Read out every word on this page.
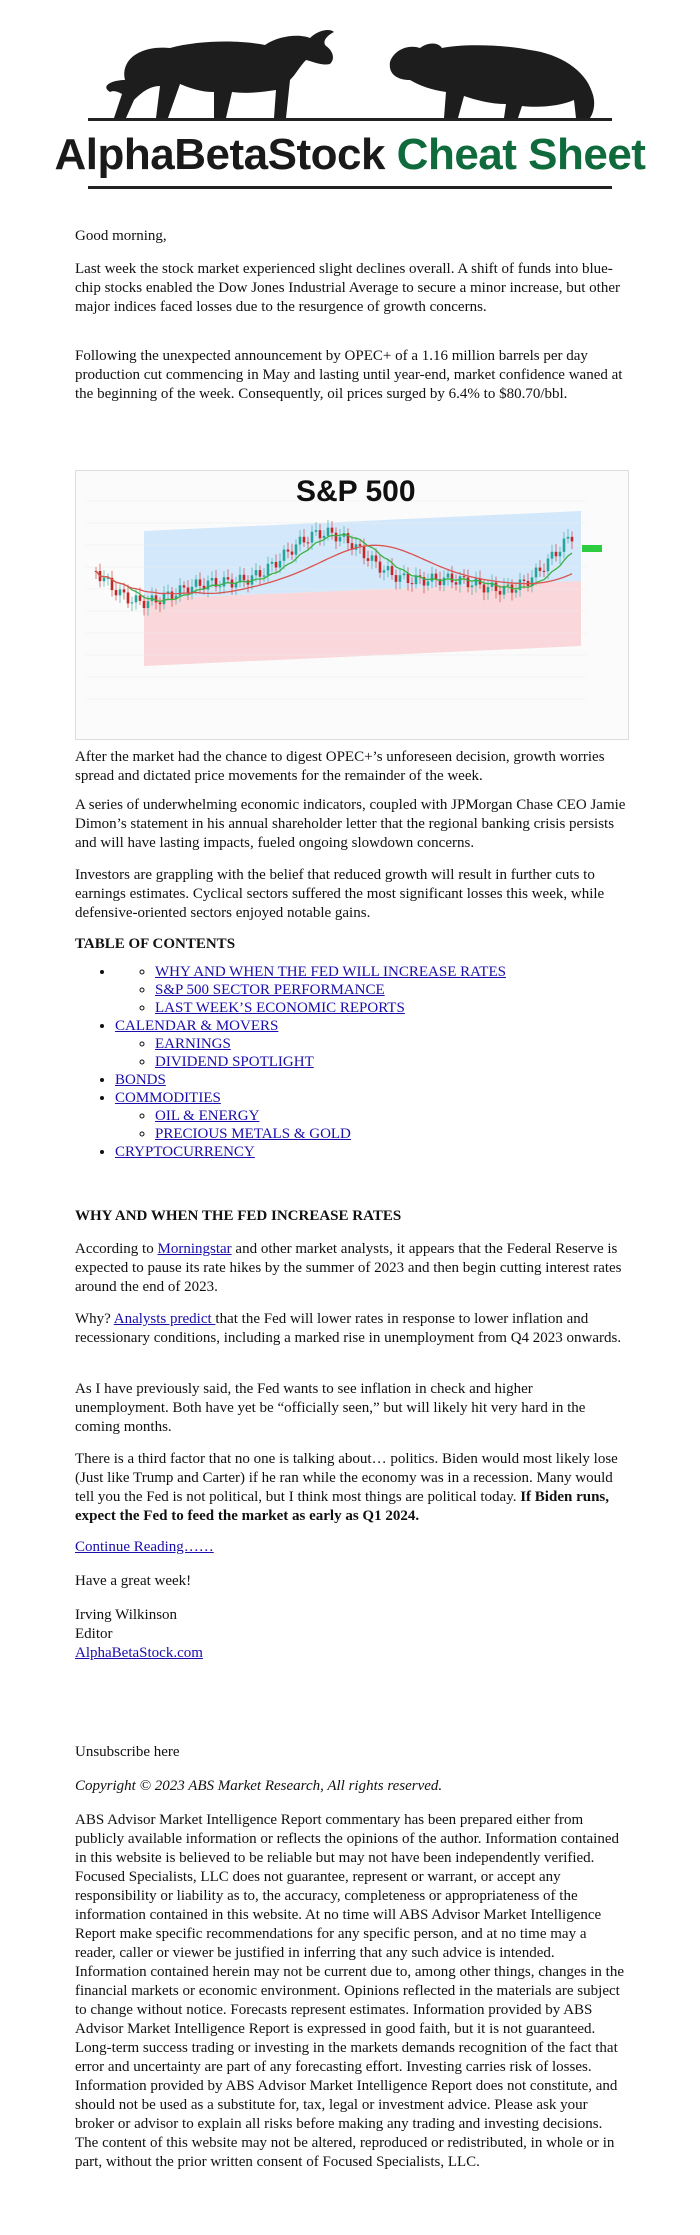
AlphaBetaStock Cheat Sheet

Good morning,

Last week the stock market experienced slight declines overall. A shift of funds into blue-chip stocks enabled the Dow Jones Industrial Average to secure a minor increase, but other major indices faced losses due to the resurgence of growth concerns.

Following the unexpected announcement by OPEC+ of a 1.16 million barrels per day production cut commencing in May and lasting until year-end, market confidence waned at the beginning of the week. Consequently, oil prices surged by 6.4% to $80.70/bbl.

S&P 500

After the market had the chance to digest OPEC+’s unforeseen decision, growth worries spread and dictated price movements for the remainder of the week.

A series of underwhelming economic indicators, coupled with JPMorgan Chase CEO Jamie Dimon’s statement in his annual shareholder letter that the regional banking crisis persists and will have lasting impacts, fueled ongoing slowdown concerns.

Investors are grappling with the belief that reduced growth will result in further cuts to earnings estimates. Cyclical sectors suffered the most significant losses this week, while defensive-oriented sectors enjoyed notable gains.

TABLE OF CONTENTS
◦ • WHY AND WHEN THE FED WILL INCREASE RATES
◦ S&P 500 SECTOR PERFORMANCE
◦ LAST WEEK’S ECONOMIC REPORTS
• CALENDAR & MOVERS
◦ EARNINGS
◦ DIVIDEND SPOTLIGHT
• BONDS
• COMMODITIES
◦ OIL & ENERGY
◦ PRECIOUS METALS & GOLD
• CRYPTOCURRENCY

WHY AND WHEN THE FED INCREASE RATES

According to Morningstar and other market analysts, it appears that the Federal Reserve is expected to pause its rate hikes by the summer of 2023 and then begin cutting interest rates around the end of 2023.

Why? Analysts predict that the Fed will lower rates in response to lower inflation and recessionary conditions, including a marked rise in unemployment from Q4 2023 onwards.

As I have previously said, the Fed wants to see inflation in check and higher unemployment. Both have yet be “officially seen,” but will likely hit very hard in the coming months.

There is a third factor that no one is talking about… politics. Biden would most likely lose (Just like Trump and Carter) if he ran while the economy was in a recession. Many would tell you the Fed is not political, but I think most things are political today. If Biden runs, expect the Fed to feed the market as early as Q1 2024.

Continue Reading……

Have a great week!

Irving Wilkinson

Editor

AlphaBetaStock.com

Unsubscribe here

Copyright © 2023 ABS Market Research, All rights reserved.

ABS Advisor Market Intelligence Report commentary has been prepared either from publicly available information or reflects the opinions of the author. Information contained in this website is believed to be reliable but may not have been independently verified. Focused Specialists, LLC does not guarantee, represent or warrant, or accept any responsibility or liability as to, the accuracy, completeness or appropriateness of the information contained in this website. At no time will ABS Advisor Market Intelligence Report make specific recommendations for any specific person, and at no time may a reader, caller or viewer be justified in inferring that any such advice is intended. Information contained herein may not be current due to, among other things, changes in the financial markets or economic environment. Opinions reflected in the materials are subject to change without notice. Forecasts represent estimates. Information provided by ABS Advisor Market Intelligence Report is expressed in good faith, but it is not guaranteed. Long-term success trading or investing in the markets demands recognition of the fact that error and uncertainty are part of any forecasting effort. Investing carries risk of losses. Information provided by ABS Advisor Market Intelligence Report does not constitute, and should not be used as a substitute for, tax, legal or investment advice. Please ask your broker or advisor to explain all risks before making any trading and investing decisions. The content of this website may not be altered, reproduced or redistributed, in whole or in part, without the prior written consent of Focused Specialists, LLC.
